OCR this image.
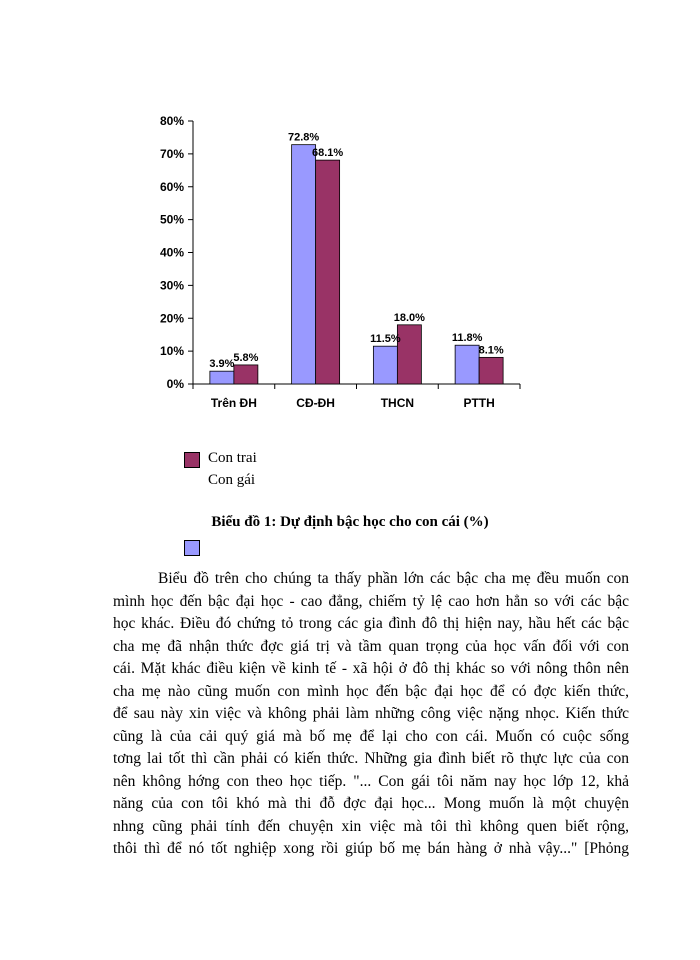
0%
10%
20%
30%
40%
50%
60%
70%
80%
Trên ĐH	CĐ-ĐH	THCN	PTTH
3.9%
5.8%
72.8%
68.1%
11.5%
18.0%
11.8%
8.1%
Con trai
Con gái
Biểu đồ 1: Dự định bậc học cho con cái (%)
Biểu đồ trên cho chúng ta thấy phần lớn các bậc cha mẹ đều muốn con
mình học đến bậc đại học - cao đẳng, chiếm tỷ lệ cao hơn hẳn so với các bậc
học khác. Điều đó chứng tỏ trong các gia đình đô thị hiện nay, hầu hết các bậc
cha mẹ đã nhận thức đợc giá trị và tầm quan trọng của học vấn đối với con
cái. Mặt khác điều kiện về kinh tế - xã hội ở đô thị khác so với nông thôn nên
cha mẹ nào cũng muốn con mình học đến bậc đại học để có đợc kiến thức,
để sau này xin việc và không phải làm những công việc nặng nhọc. Kiến thức
cũng là của cải quý giá mà bố mẹ để lại cho con cái. Muốn có cuộc sống
tơng lai tốt thì cần phải có kiến thức. Những gia đình biết rõ thực lực của con
nên không hớng con theo học tiếp. "... Con gái tôi năm nay học lớp 12, khả
năng của con tôi khó mà thi đỗ đợc đại học... Mong muốn là một chuyện
nhng cũng phải tính đến chuyện xin việc mà tôi thì không quen biết rộng,
thôi thì để nó tốt nghiệp xong rồi giúp bố mẹ bán hàng ở nhà vậy..." [Phỏng
